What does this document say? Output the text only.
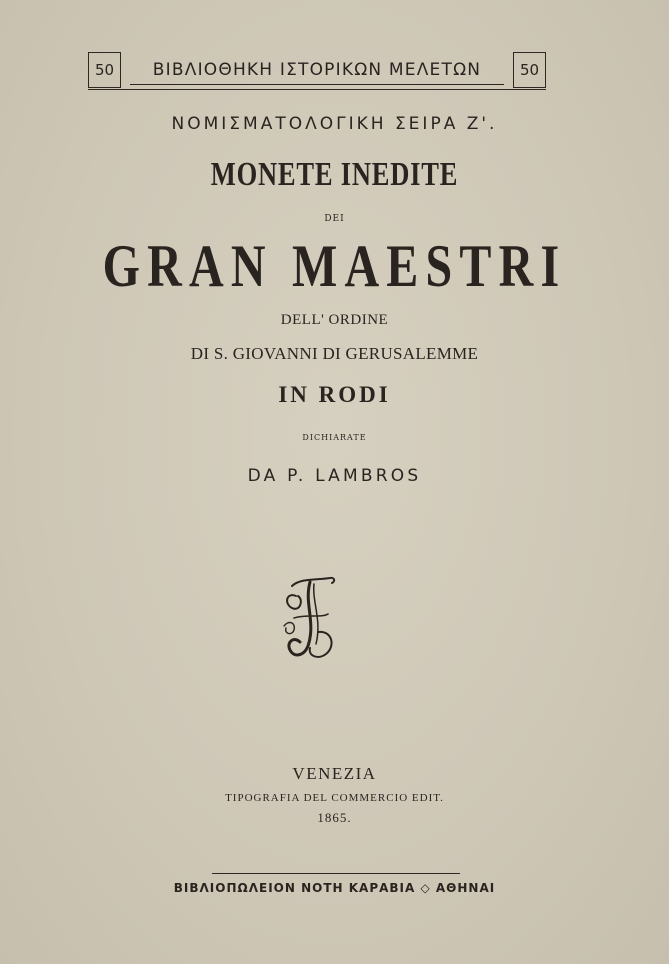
50	ΒΙΒΛΙΟΘΗΚΗ ΙΣΤΟΡΙΚΩΝ ΜΕΛΕΤΩΝ	50
ΝΟΜΙΣΜΑΤΟΛΟΓΙΚΗ ΣΕΙΡΑ Ζ'.
MONETE INEDITE
DEI
GRAN MAESTRI
DELL' ORDINE
DI S. GIOVANNI DI GERUSALEMME
IN RODI
DICHIARATE
DA P. LAMBROS
VENEZIA
TIPOGRAFIA DEL COMMERCIO EDIT.
1865.
ΒΙΒΛΙΟΠΩΛΕΙΟΝ ΝΟΤΗ ΚΑΡΑΒΙΑ ◇ ΑΘΗΝΑΙ
